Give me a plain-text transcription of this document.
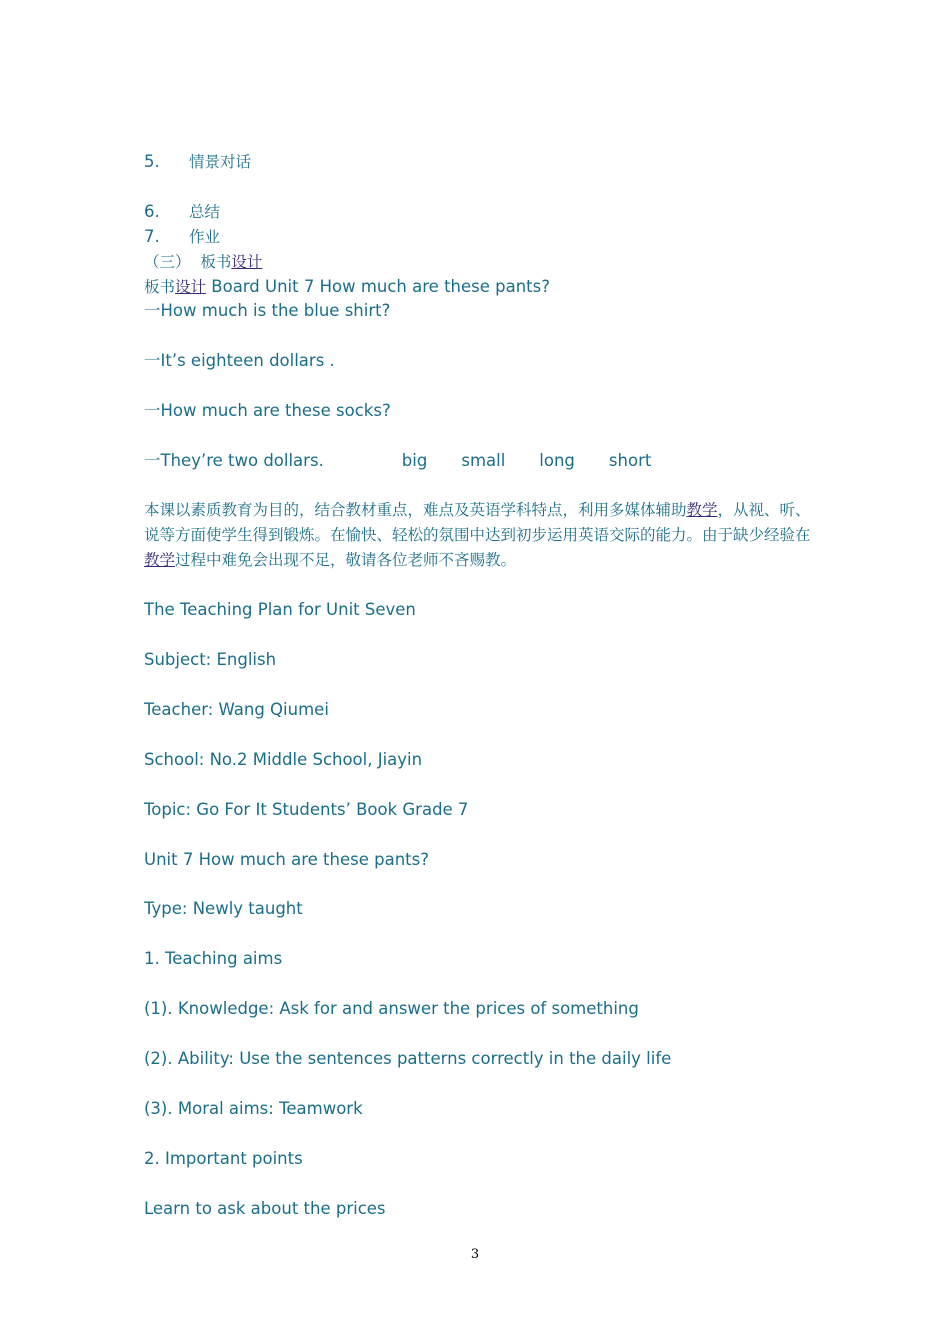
5. 情景对话

6. 总结

7. 作业

（三） 板书设计

板书设计 Board Unit 7 How much are these pants?

一How much is the blue shirt?

一It’s eighteen dollars .

一How much are these socks?

一They’re two dollars.	big small long short

本课以素质教育为目的，结合教材重点，难点及英语学科特点，利用多媒体辅助教学，从视、听、说等方面使学生得到锻炼。在愉快、轻松的氛围中达到初步运用英语交际的能力。由于缺少经验在教学过程中难免会出现不足，敬请各位老师不吝赐教。

The Teaching Plan for Unit Seven

Subject: English

Teacher: Wang Qiumei

School: No.2 Middle School, Jiayin

Topic: Go For It Students’ Book Grade 7

Unit 7 How much are these pants?

Type: Newly taught

1. Teaching aims

(1). Knowledge: Ask for and answer the prices of something

(2). Ability: Use the sentences patterns correctly in the daily life

(3). Moral aims: Teamwork

2. Important points

Learn to ask about the prices

3
